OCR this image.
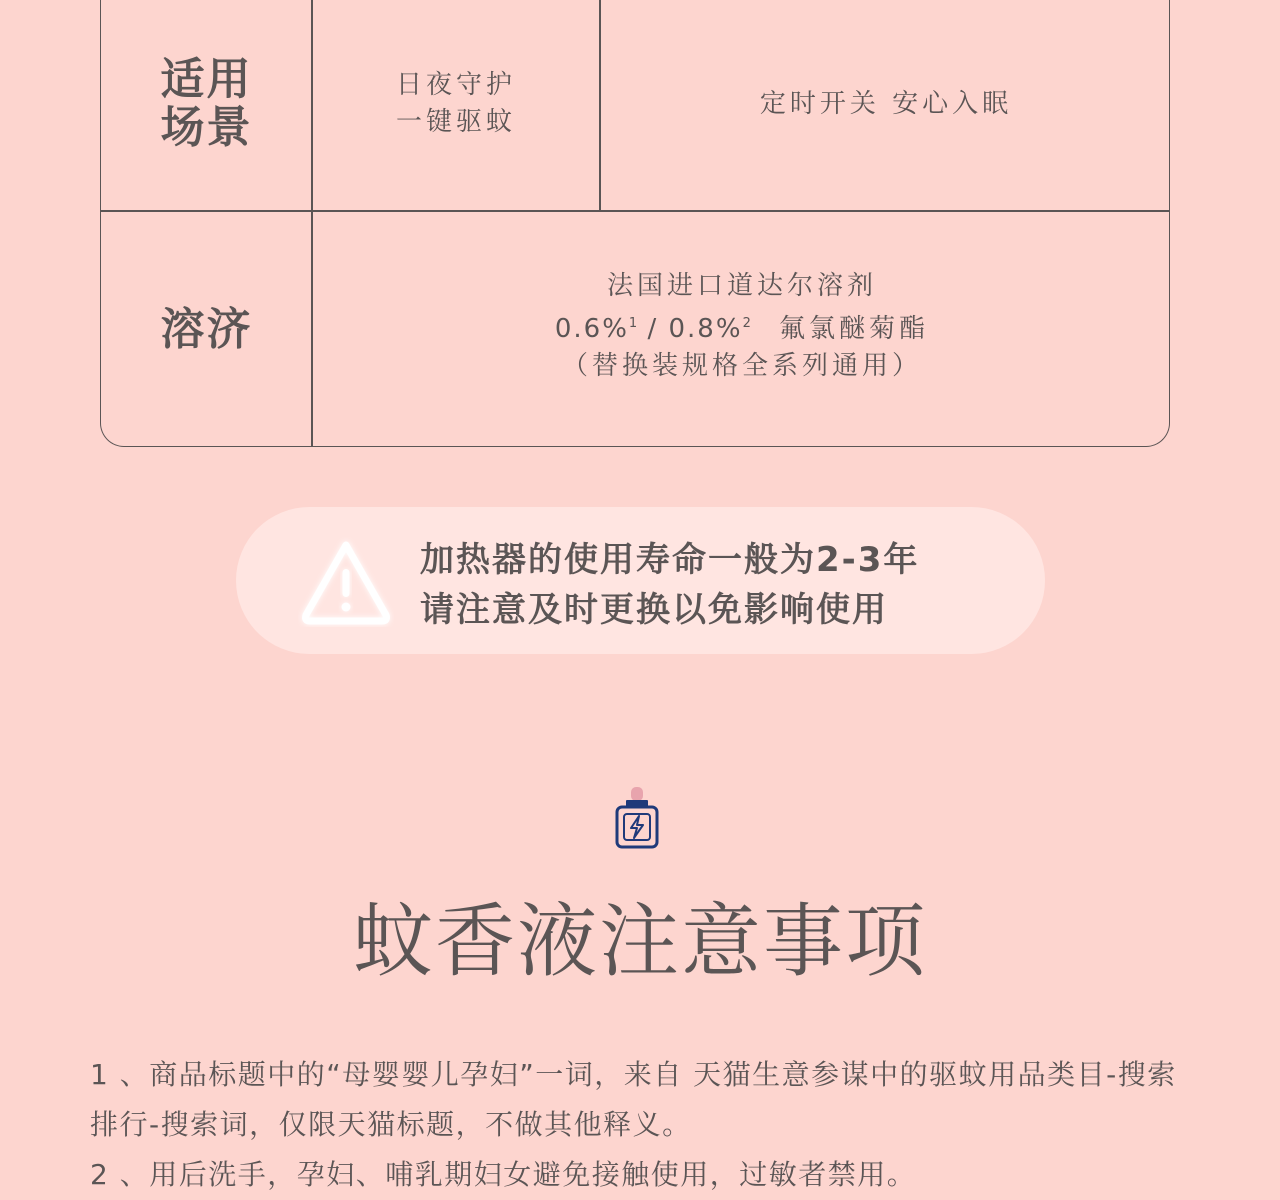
适用
场景
日夜守护
一键驱蚊
定时开关 安心入眠
溶济
法国进口道达尔溶剂
0.6%$^1$ / 0.8%$^2$ 氟氯醚菊酯
（替换装规格全系列通用）
加热器的使用寿命一般为2-3年
请注意及时更换以免影响使用
蚊香液注意事项

1 、商品标题中的“母婴婴儿孕妇”一词，来自 天猫生意参谋中的驱蚊用品类目-搜索排行-搜索词，仅限天猫标题，不做其他释义。

2 、用后洗手，孕妇、哺乳期妇女避免接触使用，过敏者禁用。
